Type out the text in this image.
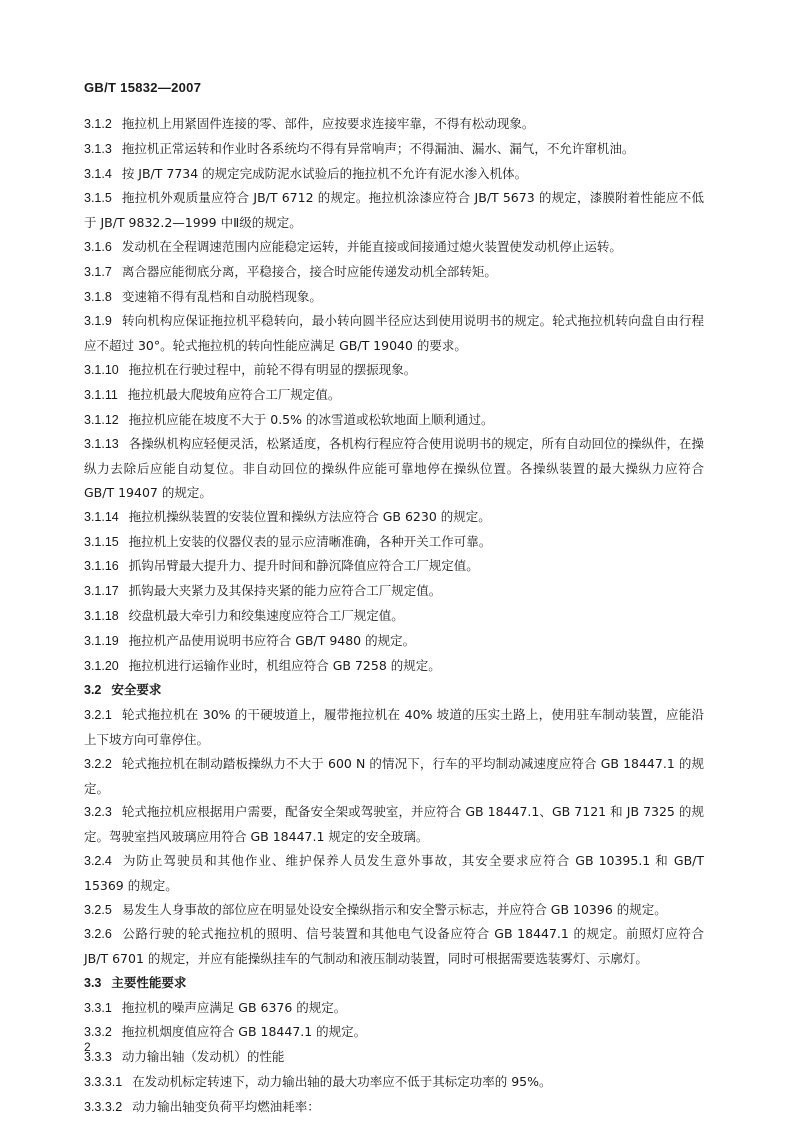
GB/T 15832—2007

3.1.2 拖拉机上用紧固件连接的零、部件，应按要求连接牢靠，不得有松动现象。

3.1.3 拖拉机正常运转和作业时各系统均不得有异常响声；不得漏油、漏水、漏气，不允许窜机油。

3.1.4 按 JB/T 7734 的规定完成防泥水试验后的拖拉机不允许有泥水渗入机体。

3.1.5 拖拉机外观质量应符合 JB/T 6712 的规定。拖拉机涂漆应符合 JB/T 5673 的规定，漆膜附着性能应不低于 JB/T 9832.2—1999 中Ⅱ级的规定。

3.1.6 发动机在全程调速范围内应能稳定运转，并能直接或间接通过熄火装置使发动机停止运转。

3.1.7 离合器应能彻底分离，平稳接合，接合时应能传递发动机全部转矩。

3.1.8 变速箱不得有乱档和自动脱档现象。

3.1.9 转向机构应保证拖拉机平稳转向，最小转向圆半径应达到使用说明书的规定。轮式拖拉机转向盘自由行程应不超过 30°。轮式拖拉机的转向性能应满足 GB/T 19040 的要求。

3.1.10 拖拉机在行驶过程中，前轮不得有明显的摆振现象。

3.1.11 拖拉机最大爬坡角应符合工厂规定值。

3.1.12 拖拉机应能在坡度不大于 0.5% 的冰雪道或松软地面上顺利通过。

3.1.13 各操纵机构应轻便灵活，松紧适度，各机构行程应符合使用说明书的规定，所有自动回位的操纵件，在操纵力去除后应能自动复位。非自动回位的操纵件应能可靠地停在操纵位置。各操纵装置的最大操纵力应符合 GB/T 19407 的规定。

3.1.14 拖拉机操纵装置的安装位置和操纵方法应符合 GB 6230 的规定。

3.1.15 拖拉机上安装的仪器仪表的显示应清晰准确，各种开关工作可靠。

3.1.16 抓钩吊臂最大提升力、提升时间和静沉降值应符合工厂规定值。

3.1.17 抓钩最大夹紧力及其保持夹紧的能力应符合工厂规定值。

3.1.18 绞盘机最大牵引力和绞集速度应符合工厂规定值。

3.1.19 拖拉机产品使用说明书应符合 GB/T 9480 的规定。

3.1.20 拖拉机进行运输作业时，机组应符合 GB 7258 的规定。

3.2 安全要求

3.2.1 轮式拖拉机在 30% 的干硬坡道上，履带拖拉机在 40% 坡道的压实土路上，使用驻车制动装置，应能沿上下坡方向可靠停住。

3.2.2 轮式拖拉机在制动踏板操纵力不大于 600 N 的情况下，行车的平均制动减速度应符合 GB 18447.1 的规定。

3.2.3 轮式拖拉机应根据用户需要，配备安全架或驾驶室，并应符合 GB 18447.1、GB 7121 和 JB 7325 的规定。驾驶室挡风玻璃应用符合 GB 18447.1 规定的安全玻璃。

3.2.4 为防止驾驶员和其他作业、维护保养人员发生意外事故，其安全要求应符合 GB 10395.1 和 GB/T 15369 的规定。

3.2.5 易发生人身事故的部位应在明显处设安全操纵指示和安全警示标志，并应符合 GB 10396 的规定。

3.2.6 公路行驶的轮式拖拉机的照明、信号装置和其他电气设备应符合 GB 18447.1 的规定。前照灯应符合 JB/T 6701 的规定，并应有能操纵挂车的气制动和液压制动装置，同时可根据需要选装雾灯、示廓灯。

3.3 主要性能要求

3.3.1 拖拉机的噪声应满足 GB 6376 的规定。

3.3.2 拖拉机烟度值应符合 GB 18447.1 的规定。

3.3.3 动力输出轴（发动机）的性能

3.3.3.1 在发动机标定转速下，动力输出轴的最大功率应不低于其标定功率的 95%。

3.3.3.2 动力输出轴变负荷平均燃油耗率：

2
